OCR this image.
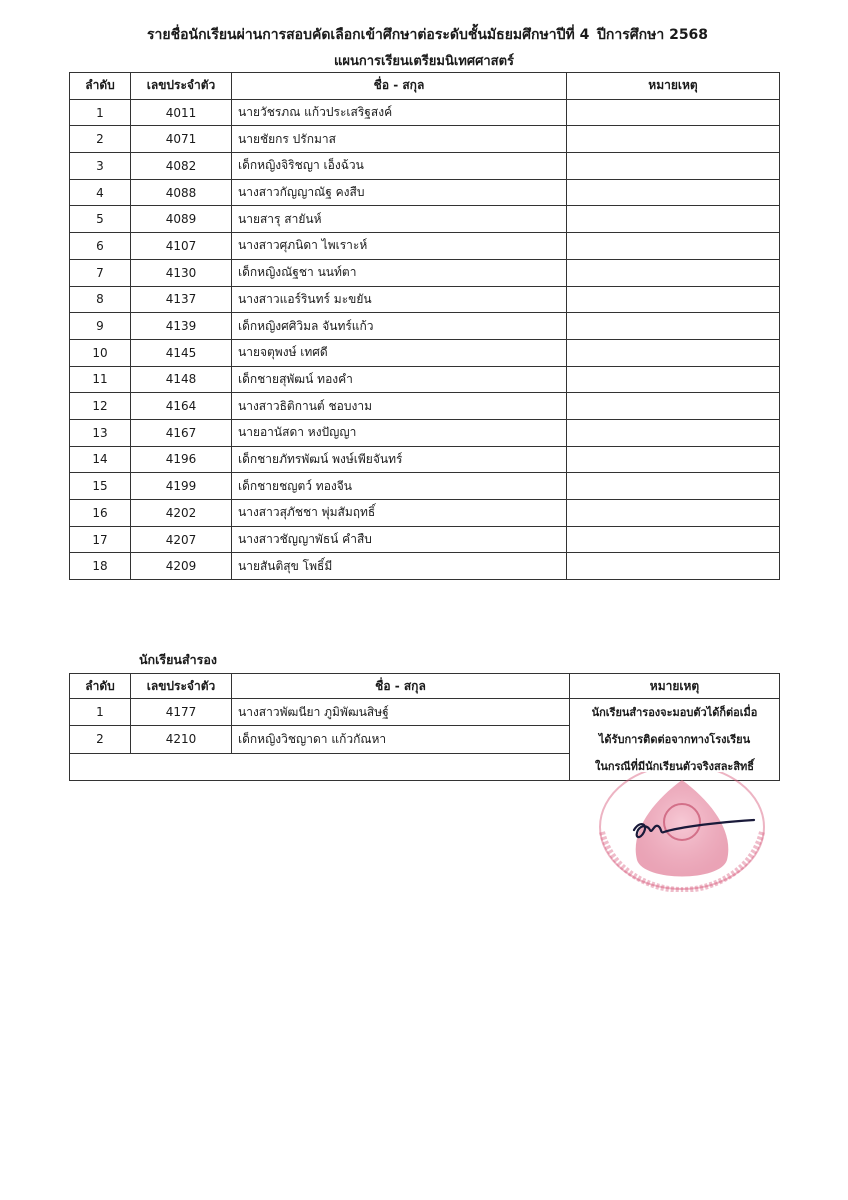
รายชื่อนักเรียนผ่านการสอบคัดเลือกเข้าศึกษาต่อระดับชั้นมัธยมศึกษาปีที่ 4 ปีการศึกษา 2568
แผนการเรียนเตรียมนิเทศศาสตร์
ลำดับ	เลขประจำตัว	ชื่อ - สกุล	หมายเหตุ
1	4011	นายวัชรภณ แก้วประเสริฐสงค์	
2	4071	นายชัยกร ปรักมาส	
3	4082	เด็กหญิงจิริชญา เอ็งฉ้วน	
4	4088	นางสาวกัญญาณัฐ คงสืบ	
5	4089	นายสารุ สายันห์	
6	4107	นางสาวศุภนิดา ไพเราะห์	
7	4130	เด็กหญิงณัฐชา นนท์ตา	
8	4137	นางสาวแอร์รินทร์ มะขยัน	
9	4139	เด็กหญิงศศิวิมล จันทร์แก้ว	
10	4145	นายจตุพงษ์ เทศดี	
11	4148	เด็กชายสุพัฒน์ ทองคำ	
12	4164	นางสาวธิติกานต์ ชอบงาม	
13	4167	นายอานัสดา หงปัญญา	
14	4196	เด็กชายภัทรพัฒน์ พงษ์เพียจันทร์	
15	4199	เด็กชายชญตว์ ทองจีน	
16	4202	นางสาวสุภัชชา พุ่มสัมฤทธิ์	
17	4207	นางสาวชัญญาพัธน์ คำสืบ	
18	4209	นายสันติสุข โพธิ์มี	
นักเรียนสำรอง
ลำดับ	เลขประจำตัว	ชื่อ - สกุล	หมายเหตุ
1	4177	นางสาวพัฒนียา ภูมิพัฒนสิษฐ์	นักเรียนสำรองจะมอบตัวได้ก็ต่อเมื่อ
ได้รับการติดต่อจากทางโรงเรียน
ในกรณีที่มีนักเรียนตัวจริงสละสิทธิ์

2	4210	เด็กหญิงวิชญาดา แก้วกัณหา	
